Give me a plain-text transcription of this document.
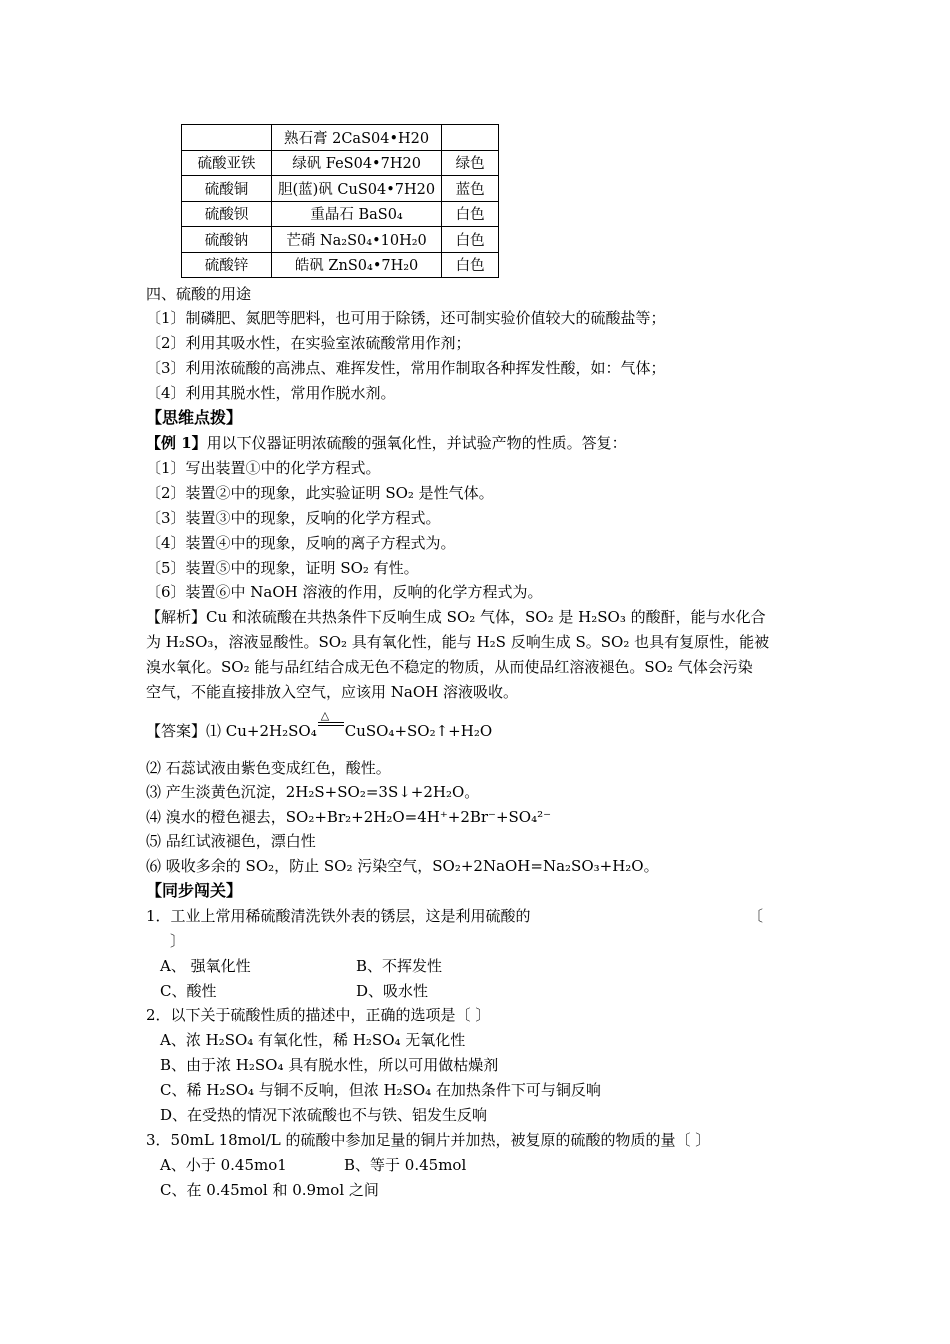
	熟石膏 2CaS04•H20	
硫酸亚铁	绿矾 FeS04•7H20	绿色
硫酸铜	胆(蓝)矾 CuS04•7H20	蓝色
硫酸钡	重晶石 BaS0₄	白色
硫酸钠	芒硝 Na₂S0₄•10H₂0	白色
硫酸锌	皓矾 ZnS0₄•7H₂0	白色
四、硫酸的用途
〔1〕制磷肥、氮肥等肥料，也可用于除锈，还可制实验价值较大的硫酸盐等；
〔2〕利用其吸水性，在实验室浓硫酸常用作剂；
〔3〕利用浓硫酸的高沸点、难挥发性，常用作制取各种挥发性酸，如：气体；
〔4〕利用其脱水性，常用作脱水剂。
【思维点拨】
【例 1】用以下仪器证明浓硫酸的强氧化性，并试验产物的性质。答复：
〔1〕写出装置①中的化学方程式。
〔2〕装置②中的现象，此实验证明 SO₂ 是性气体。
〔3〕装置③中的现象，反响的化学方程式。
〔4〕装置④中的现象，反响的离子方程式为。
〔5〕装置⑤中的现象，证明 SO₂ 有性。
〔6〕装置⑥中 NaOH 溶液的作用，反响的化学方程式为。
【解析】Cu 和浓硫酸在共热条件下反响生成 SO₂ 气体，SO₂ 是 H₂SO₃ 的酸酐，能与水化合
为 H₂SO₃，溶液显酸性。SO₂ 具有氧化性，能与 H₂S 反响生成 S。SO₂ 也具有复原性，能被
溴水氧化。SO₂ 能与品红结合成无色不稳定的物质，从而使品红溶液褪色。SO₂ 气体会污染
空气，不能直接排放入空气，应该用 NaOH 溶液吸收。
【答案】⑴ Cu+2H₂SO₄
△
CuSO₄+SO₂↑+H₂O
⑵ 石蕊试液由紫色变成红色，酸性。
⑶ 产生淡黄色沉淀，2H₂S+SO₂=3S↓+2H₂O。
⑷ 溴水的橙色褪去，SO₂+Br₂+2H₂O=4H⁺+2Br⁻+SO₄²⁻
⑸ 品红试液褪色，漂白性
⑹ 吸收多余的 SO₂，防止 SO₂ 污染空气，SO₂+2NaOH=Na₂SO₃+H₂O。
【同步闯关】
1．工业上常用稀硫酸清洗铁外表的锈层，这是利用硫酸的	〔
〕
A、 强氧化性	B、不挥发性
C、酸性	D、吸水性
2．以下关于硫酸性质的描述中，正确的选项是〔 〕
A、浓 H₂SO₄ 有氧化性，稀 H₂SO₄ 无氧化性
B、由于浓 H₂SO₄ 具有脱水性，所以可用做枯燥剂
C、稀 H₂SO₄ 与铜不反响，但浓 H₂SO₄ 在加热条件下可与铜反响
D、在受热的情况下浓硫酸也不与铁、铝发生反响
3．50mL 18mol/L 的硫酸中参加足量的铜片并加热，被复原的硫酸的物质的量〔 〕
A、小于 0.45mo1	B、等于 0.45mol
C、在 0.45mol 和 0.9mol 之间
